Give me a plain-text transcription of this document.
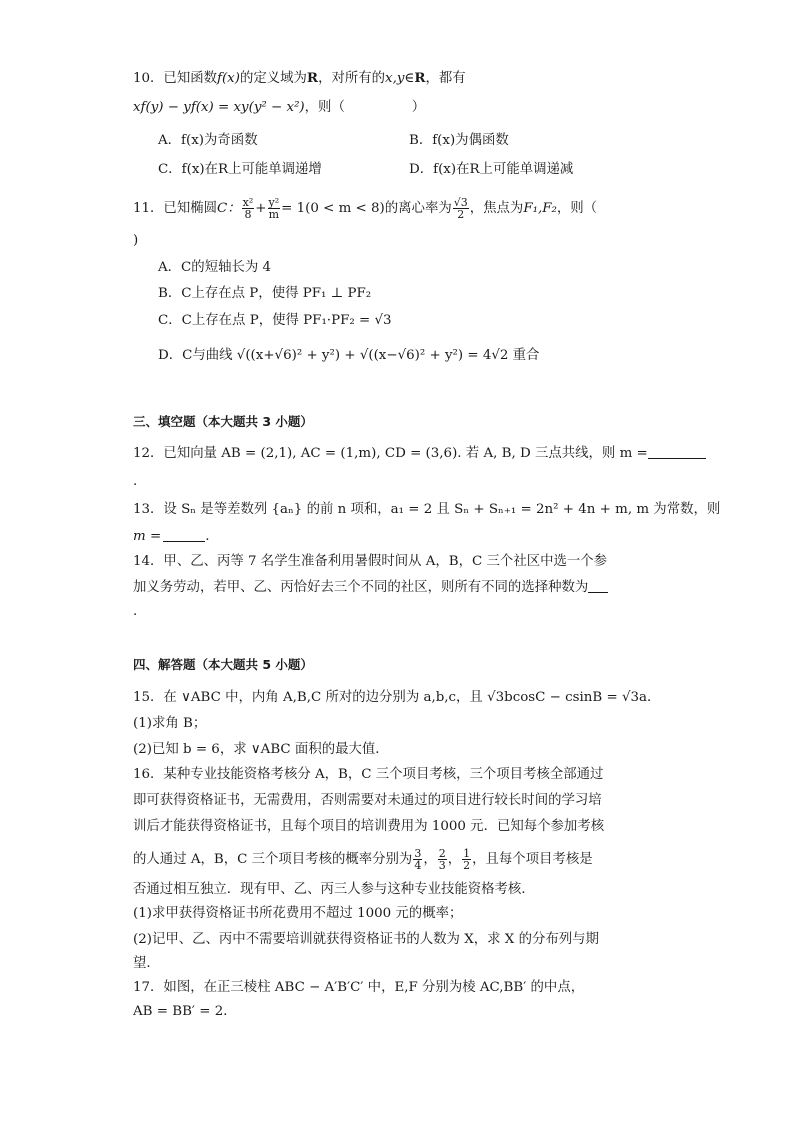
10．已知函数f(x)的定义域为R，对所有的x,y∈R，都有
xf(y) − yf(x) = xy(y² − x²)，则（　　　　　）
A．f(x)为奇函数	B．f(x)为偶函数
C．f(x)在R上可能单调递增	D．f(x)在R上可能单调递减
11．已知椭圆C： $\frac{\text{x²}}{8} + \frac{\text{y²}}{m} = 1(0 < m < 8)$的离心率为 $\frac{√3}{2}$ ，焦点为F₁,F₂，则（
)
A．C的短轴长为 4
B．C上存在点 P，使得 PF₁ ⊥ PF₂
C．C上存在点 P，使得 PF₁·PF₂ = √3
D．C与曲线 √((x+√6)² + y²) + √((x−√6)² + y²) = 4√2 重合
三、填空题（本大题共 3 小题）
12．已知向量 AB = (2,1), AC = (1,m), CD = (3,6). 若 A, B, D 三点共线，则 m =
.
13．设 Sₙ 是等差数列 {aₙ} 的前 n 项和，a₁ = 2 且 Sₙ + Sₙ₊₁ = 2n² + 4n + m, m 为常数，则
m =	.
14．甲、乙、丙等 7 名学生准备利用暑假时间从 A，B，C 三个社区中选一个参
加义务劳动，若甲、乙、丙恰好去三个不同的社区，则所有不同的选择种数为
.
四、解答题（本大题共 5 小题）
15．在 ∨ABC 中，内角 A,B,C 所对的边分别为 a,b,c，且 √3bcosC − csinB = √3a．
(1)求角 B；
(2)已知 b = 6，求 ∨ABC 面积的最大值．
16．某种专业技能资格考核分 A，B，C 三个项目考核，三个项目考核全部通过
即可获得资格证书，无需费用，否则需要对未通过的项目进行较长时间的学习培
训后才能获得资格证书，且每个项目的培训费用为 1000 元．已知每个参加考核
的人通过 A，B，C 三个项目考核的概率分别为 $\frac{3}{4}$ ， $\frac{2}{3}$ ， $\frac{1}{2}$ ，且每个项目考核是
否通过相互独立．现有甲、乙、丙三人参与这种专业技能资格考核．
(1)求甲获得资格证书所花费用不超过 1000 元的概率；
(2)记甲、乙、丙中不需要培训就获得资格证书的人数为 X，求 X 的分布列与期
望．
17．如图，在正三棱柱 ABC − A′B′C′ 中，E,F 分别为棱 AC,BB′ 的中点，
AB = BB′ = 2．
